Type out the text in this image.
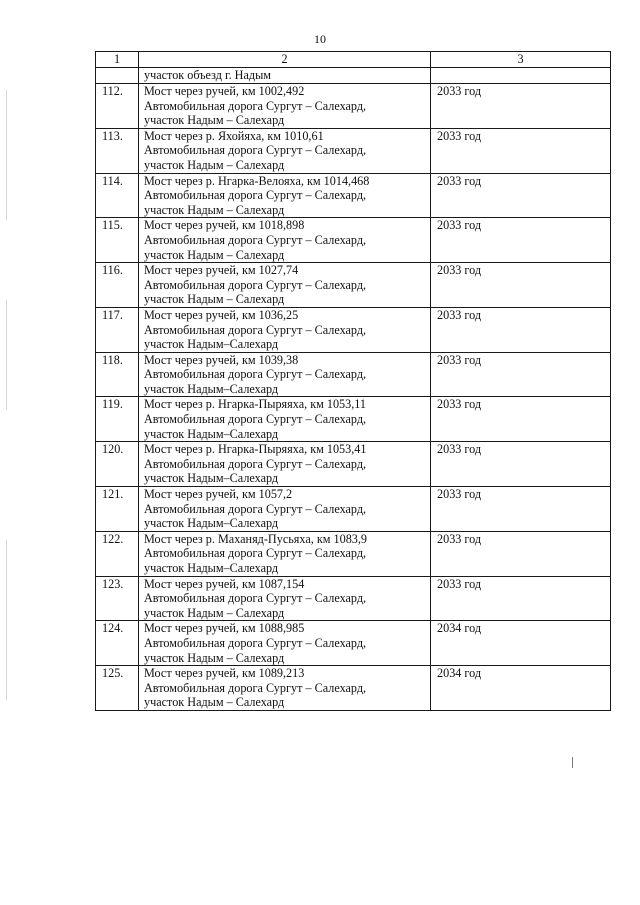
10
1	2	3
	участок объезд г. Надым	
112.	Мост через ручей, км 1002,492
Автомобильная дорога Сургут – Салехард,
участок Надым – Салехард	2033 год
113.	Мост через р. Яхойяха, км 1010,61
Автомобильная дорога Сургут – Салехард,
участок Надым – Салехард	2033 год
114.	Мост через р. Нгарка-Велояха, км 1014,468
Автомобильная дорога Сургут – Салехард,
участок Надым – Салехард	2033 год
115.	Мост через ручей, км 1018,898
Автомобильная дорога Сургут – Салехард,
участок Надым – Салехард	2033 год
116.	Мост через ручей, км 1027,74
Автомобильная дорога Сургут – Салехард,
участок Надым – Салехард	2033 год
117.	Мост через ручей, км 1036,25
Автомобильная дорога Сургут – Салехард,
участок Надым–Салехард	2033 год
118.	Мост через ручей, км 1039,38
Автомобильная дорога Сургут – Салехард,
участок Надым–Салехард	2033 год
119.	Мост через р. Нгарка-Пыряяха, км 1053,11
Автомобильная дорога Сургут – Салехард,
участок Надым–Салехард	2033 год
120.	Мост через р. Нгарка-Пыряяха, км 1053,41
Автомобильная дорога Сургут – Салехард,
участок Надым–Салехард	2033 год
121.	Мост через ручей, км 1057,2
Автомобильная дорога Сургут – Салехард,
участок Надым–Салехард	2033 год
122.	Мост через р. Маханяд-Пусьяха, км 1083,9
Автомобильная дорога Сургут – Салехард,
участок Надым–Салехард	2033 год
123.	Мост через ручей, км 1087,154
Автомобильная дорога Сургут – Салехард,
участок Надым – Салехард	2033 год
124.	Мост через ручей, км 1088,985
Автомобильная дорога Сургут – Салехард,
участок Надым – Салехард	2034 год
125.	Мост через ручей, км 1089,213
Автомобильная дорога Сургут – Салехард,
участок Надым – Салехард	2034 год
